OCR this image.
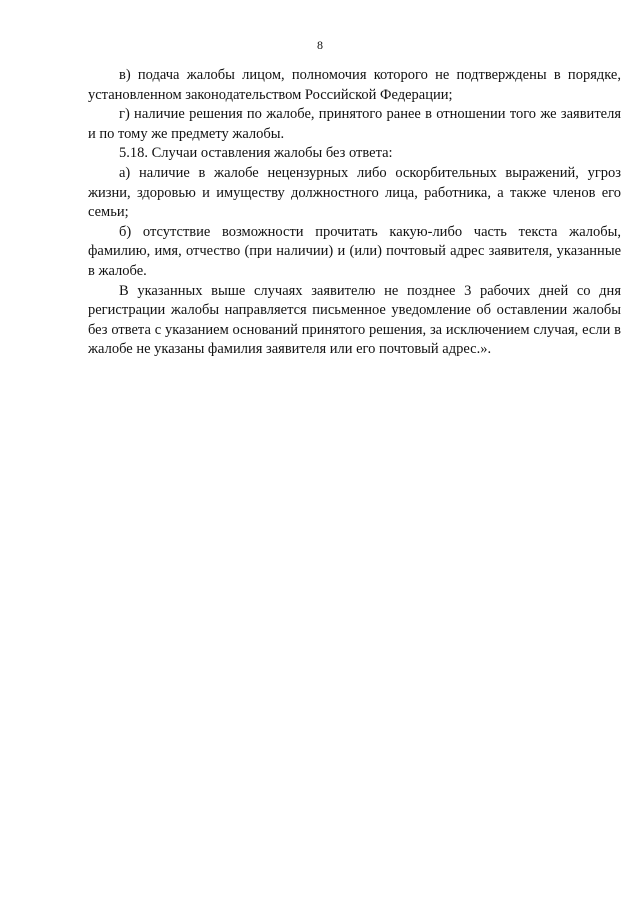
8

в) подача жалобы лицом, полномочия которого не подтверждены в порядке, установленном законодательством Российской Федерации;

г) наличие решения по жалобе, принятого ранее в отношении того же заявителя и по тому же предмету жалобы.

5.18. Случаи оставления жалобы без ответа:

а) наличие в жалобе нецензурных либо оскорбительных выражений, угроз жизни, здоровью и имуществу должностного лица, работника, а также членов его семьи;

б) отсутствие возможности прочитать какую-либо часть текста жалобы, фамилию, имя, отчество (при наличии) и (или) почтовый адрес заявителя, указанные в жалобе.

В указанных выше случаях заявителю не позднее 3 рабочих дней со дня регистрации жалобы направляется письменное уведомление об оставлении жалобы без ответа с указанием оснований принятого решения, за исключением случая, если в жалобе не указаны фамилия заявителя или его почтовый адрес.».
